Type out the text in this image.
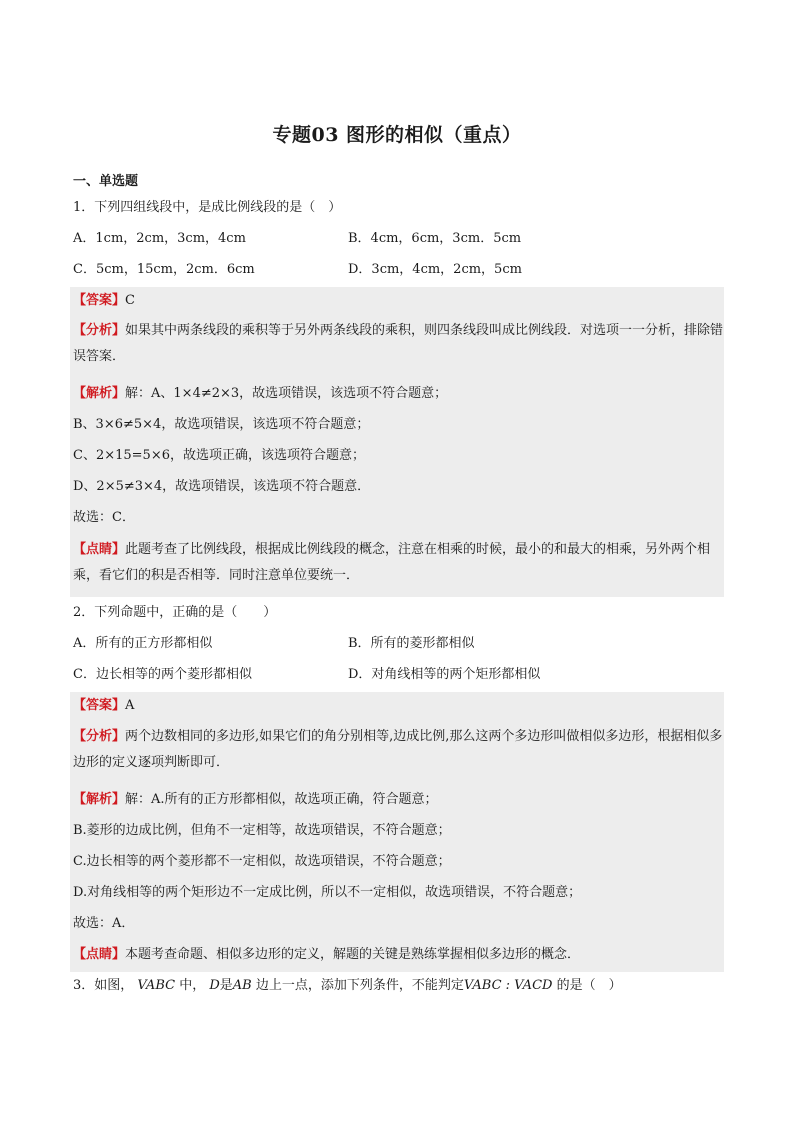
专题03 图形的相似（重点）
一、单选题
1．下列四组线段中，是成比例线段的是（　）
A．1cm，2cm，3cm，4cm	B．4cm，6cm，3cm．5cm
C．5cm，15cm，2cm．6cm	D．3cm，4cm，2cm，5cm
【答案】C
【分析】如果其中两条线段的乘积等于另外两条线段的乘积，则四条线段叫成比例线段．对选项一一分析，排除错误答案．
【解析】解：A、1×4≠2×3，故选项错误，该选项不符合题意；
B、3×6≠5×4，故选项错误，该选项不符合题意；
C、2×15=5×6，故选项正确，该选项符合题意；
D、2×5≠3×4，故选项错误，该选项不符合题意．
故选：C．
【点睛】此题考查了比例线段，根据成比例线段的概念，注意在相乘的时候，最小的和最大的相乘，另外两个相乘，看它们的积是否相等．同时注意单位要统一．
2．下列命题中，正确的是（　　）
A．所有的正方形都相似	B．所有的菱形都相似
C．边长相等的两个菱形都相似	D．对角线相等的两个矩形都相似
【答案】A
【分析】两个边数相同的多边形,如果它们的角分别相等,边成比例,那么这两个多边形叫做相似多边形，根据相似多边形的定义逐项判断即可．
【解析】解：A.所有的正方形都相似，故选项正确，符合题意；
B.菱形的边成比例，但角不一定相等，故选项错误，不符合题意；
C.边长相等的两个菱形都不一定相似，故选项错误，不符合题意；
D.对角线相等的两个矩形边不一定成比例，所以不一定相似，故选项错误，不符合题意；
故选：A．
【点睛】本题考查命题、相似多边形的定义，解题的关键是熟练掌握相似多边形的概念．
3．如图， VABC 中， D是AB 边上一点，添加下列条件，不能判定VABC : VACD 的是（　）
